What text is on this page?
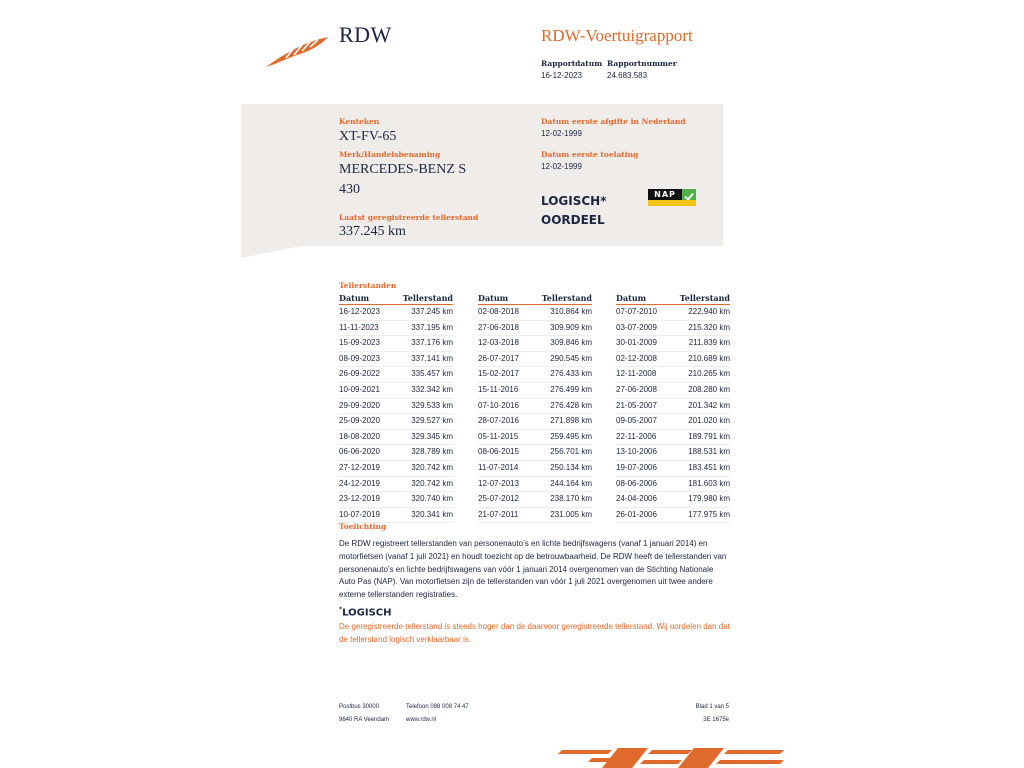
RDW	RDW-Voertuigrapport
Rapportdatum
16-12-2023
Rapportnummer
24.683.583
Kenteken
XT-FV-65
Merk/Handelsbenaming
MERCEDES-BENZ S
430
Laatst geregistreerde tellerstand
337.245 km
Datum eerste afgifte in Nederland
12-02-1999
Datum eerste toelating
12-02-1999
LOGISCH*
OORDEEL
NAP
Tellerstanden
Datum	Tellerstand
16-12-2023	337.245 km
11-11-2023	337.195 km
15-09-2023	337.176 km
08-09-2023	337.141 km
26-09-2022	335.457 km
10-09-2021	332.342 km
29-09-2020	329.533 km
25-09-2020	329.527 km
18-08-2020	329.345 km
06-06-2020	328.789 km
27-12-2019	320.742 km
24-12-2019	320.742 km
23-12-2019	320.740 km
10-07-2019	320.341 km
Datum	Tellerstand
02-08-2018	310.864 km
27-06-2018	309.909 km
12-03-2018	309.846 km
26-07-2017	290.545 km
15-02-2017	276.433 km
15-11-2016	276.499 km
07-10-2016	276.428 km
28-07-2016	271.898 km
05-11-2015	259.495 km
08-06-2015	256.701 km
11-07-2014	250.134 km
12-07-2013	244.164 km
25-07-2012	238.170 km
21-07-2011	231.005 km
Datum	Tellerstand
07-07-2010	222.940 km
03-07-2009	215.320 km
30-01-2009	211.839 km
02-12-2008	210.689 km
12-11-2008	210.265 km
27-06-2008	208.280 km
21-05-2007	201.342 km
09-05-2007	201.020 km
22-11-2006	189.791 km
13-10-2006	188.531 km
19-07-2006	183.451 km
08-06-2006	181.603 km
24-04-2006	179.980 km
26-01-2006	177.975 km
Toelichting
De RDW registreert tellerstanden van personenauto’s en lichte bedrijfswagens (vanaf 1 januari 2014) en motorfietsen (vanaf 1 juli 2021) en houdt toezicht op de betrouwbaarheid. De RDW heeft de tellerstanden van personenauto’s en lichte bedrijfswagens van vóór 1 januari 2014 overgenomen van de Stichting Nationale Auto Pas (NAP). Van motorfietsen zijn de tellerstanden van vóór 1 juli 2021 overgenomen uit twee andere externe tellerstanden registraties.
*LOGISCH
De geregistreerde tellerstand is steeds hoger dan de daarvoor geregistreerde tellerstand. Wij oordelen dan dat de tellerstand logisch verklaarbaar is.
Postbus 30000
9640 RA Veendam
Telefoon 088 008 74 47
www.rdw.nl
Blad 1 van 5
3E 1675e
